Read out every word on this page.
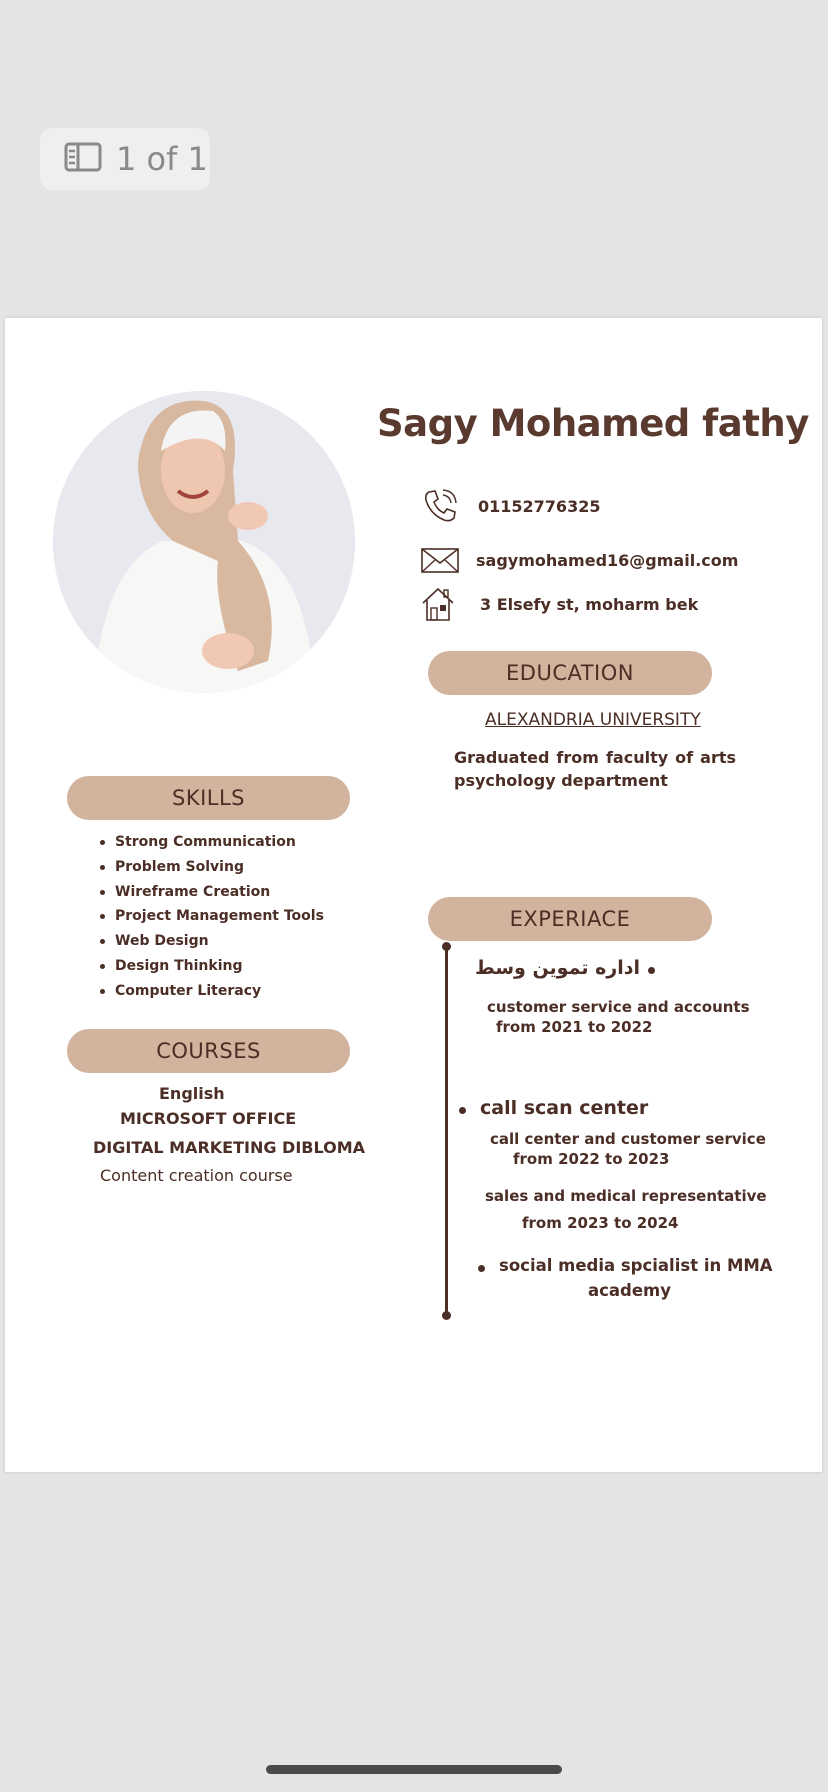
1 of 1
Sagy Mohamed fathy
01152776325
sagymohamed16@gmail.com
3 Elsefy st, moharm bek
EDUCATION
ALEXANDRIA UNIVERSITY
Graduated from faculty of arts psychology department
SKILLS
Strong Communication
Problem Solving
Wireframe Creation
Project Management Tools
Web Design
Design Thinking
Computer Literacy
COURSES
English
MICROSOFT OFFICE
DIGITAL MARKETING DIBLOMA
Content creation course
EXPERIACE
اداره تموين وسط
customer service and accounts
from 2021 to 2022
call scan center
call center and customer service
from 2022 to 2023
sales and medical representative
from 2023 to 2024
social media spcialist in MMA
academy
